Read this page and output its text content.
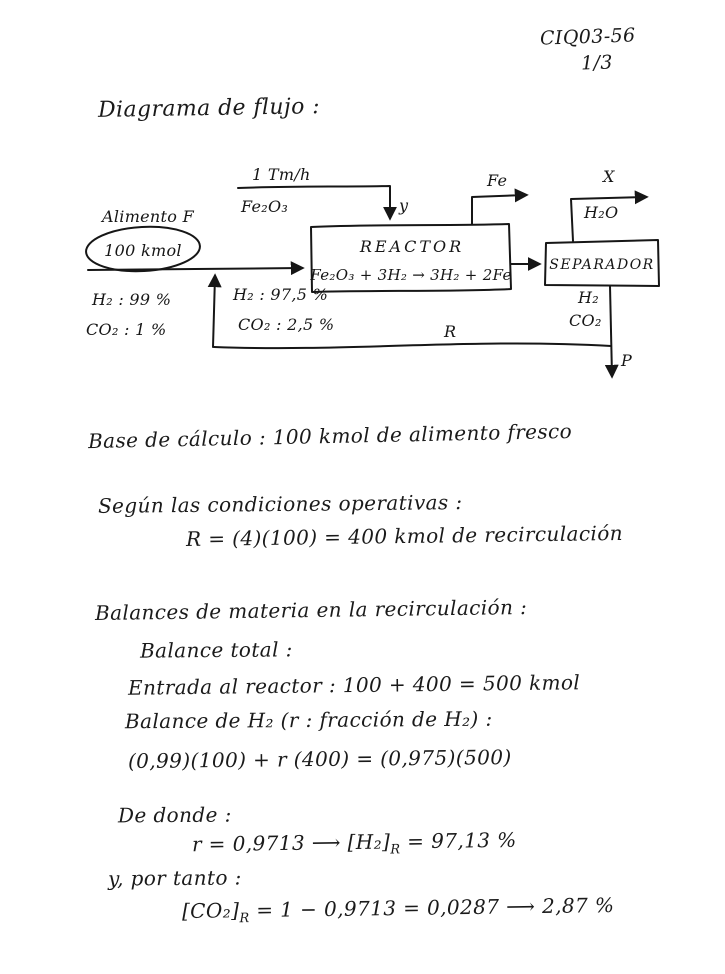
CIQ03-56
1/3
Diagrama de flujo :
1 Tm/h
Fe₂O₃	y
Alimento F
100 kmol
H₂ : 99 %
CO₂ : 1 %
H₂ : 97,5 %
CO₂ : 2,5 %
REACTOR
Fe₂O₃ + 3H₂ → 3H₂ + 2Fe
Fe
SEPARADOR
X
H₂O
H₂
CO₂
P
R
Base de cálculo : 100 kmol de alimento fresco
Según las condiciones operativas :
R = (4)(100) = 400 kmol de recirculación
Balances de materia en la recirculación :
Balance total :
Entrada al reactor : 100 + 400 = 500 kmol
Balance de H₂ (r : fracción de H₂) :
(0,99)(100) + r (400) = (0,975)(500)
De donde :
r = 0,9713 ⟶ $[H_2]_R = 97,13$ %
y, por tanto :
$[CO_2]_R = 1 - 0,9713 = 0,0287$ ⟶ 2,87 %
